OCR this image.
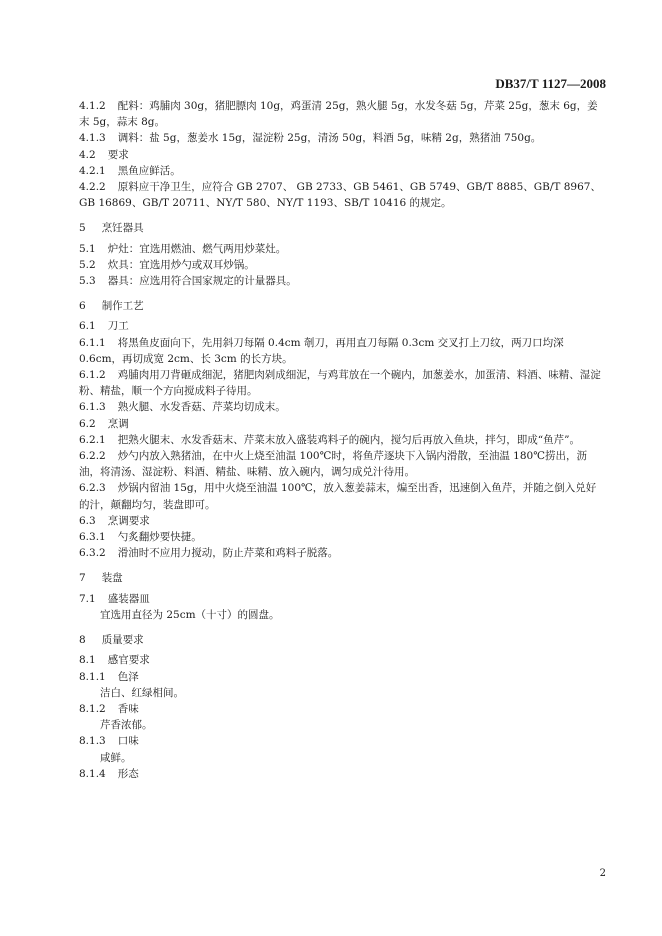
DB37/T 1127—2008
4.1.2 配料：鸡脯肉 30g，猪肥膘肉 10g，鸡蛋清 25g，熟火腿 5g，水发冬菇 5g，芹菜 25g，葱末 6g，姜末 5g，蒜末 8g。
4.1.3 调料：盐 5g，葱姜水 15g，湿淀粉 25g，清汤 50g，料酒 5g，味精 2g，熟猪油 750g。
4.2 要求
4.2.1 黑鱼应鲜活。
4.2.2 原料应干净卫生，应符合 GB 2707、 GB 2733、GB 5461、GB 5749、GB/T 8885、GB/T 8967、GB 16869、GB/T 20711、NY/T 580、NY/T 1193、SB/T 10416 的规定。
5 烹饪器具
5.1 炉灶：宜选用燃油、燃气两用炒菜灶。
5.2 炊具：宜选用炒勺或双耳炒锅。
5.3 器具：应选用符合国家规定的计量器具。
6 制作工艺
6.1 刀工
6.1.1 将黑鱼皮面向下，先用斜刀每隔 0.4cm 剞刀，再用直刀每隔 0.3cm 交叉打上刀纹，两刀口均深 0.6cm，再切成宽 2cm、长 3cm 的长方块。
6.1.2 鸡脯肉用刀背砸成细泥，猪肥肉剁成细泥，与鸡茸放在一个碗内，加葱姜水，加蛋清、料酒、味精、湿淀粉、精盐，顺一个方向搅成料子待用。
6.1.3 熟火腿、水发香菇、芹菜均切成末。
6.2 烹调
6.2.1 把熟火腿末、水发香菇末、芹菜末放入盛装鸡料子的碗内，搅匀后再放入鱼块，拌匀，即成“鱼芹”。
6.2.2 炒勺内放入熟猪油，在中火上烧至油温 100℃时，将鱼芹逐块下入锅内滑散，至油温 180℃捞出，沥油，将清汤、湿淀粉、料酒、精盐、味精、放入碗内，调匀成兑汁待用。
6.2.3 炒锅内留油 15g，用中火烧至油温 100℃，放入葱姜蒜末，煸至出香，迅速倒入鱼芹，并随之倒入兑好的汁，颠翻均匀，装盘即可。
6.3 烹调要求
6.3.1 勺炙翻炒要快捷。
6.3.2 滑油时不应用力搅动，防止芹菜和鸡料子脱落。
7 装盘
7.1 盛装器皿
宜选用直径为 25cm（十寸）的圆盘。
8 质量要求
8.1 感官要求
8.1.1 色泽
洁白、红绿相间。
8.1.2 香味
芹香浓郁。
8.1.3 口味
咸鲜。
8.1.4 形态
2
